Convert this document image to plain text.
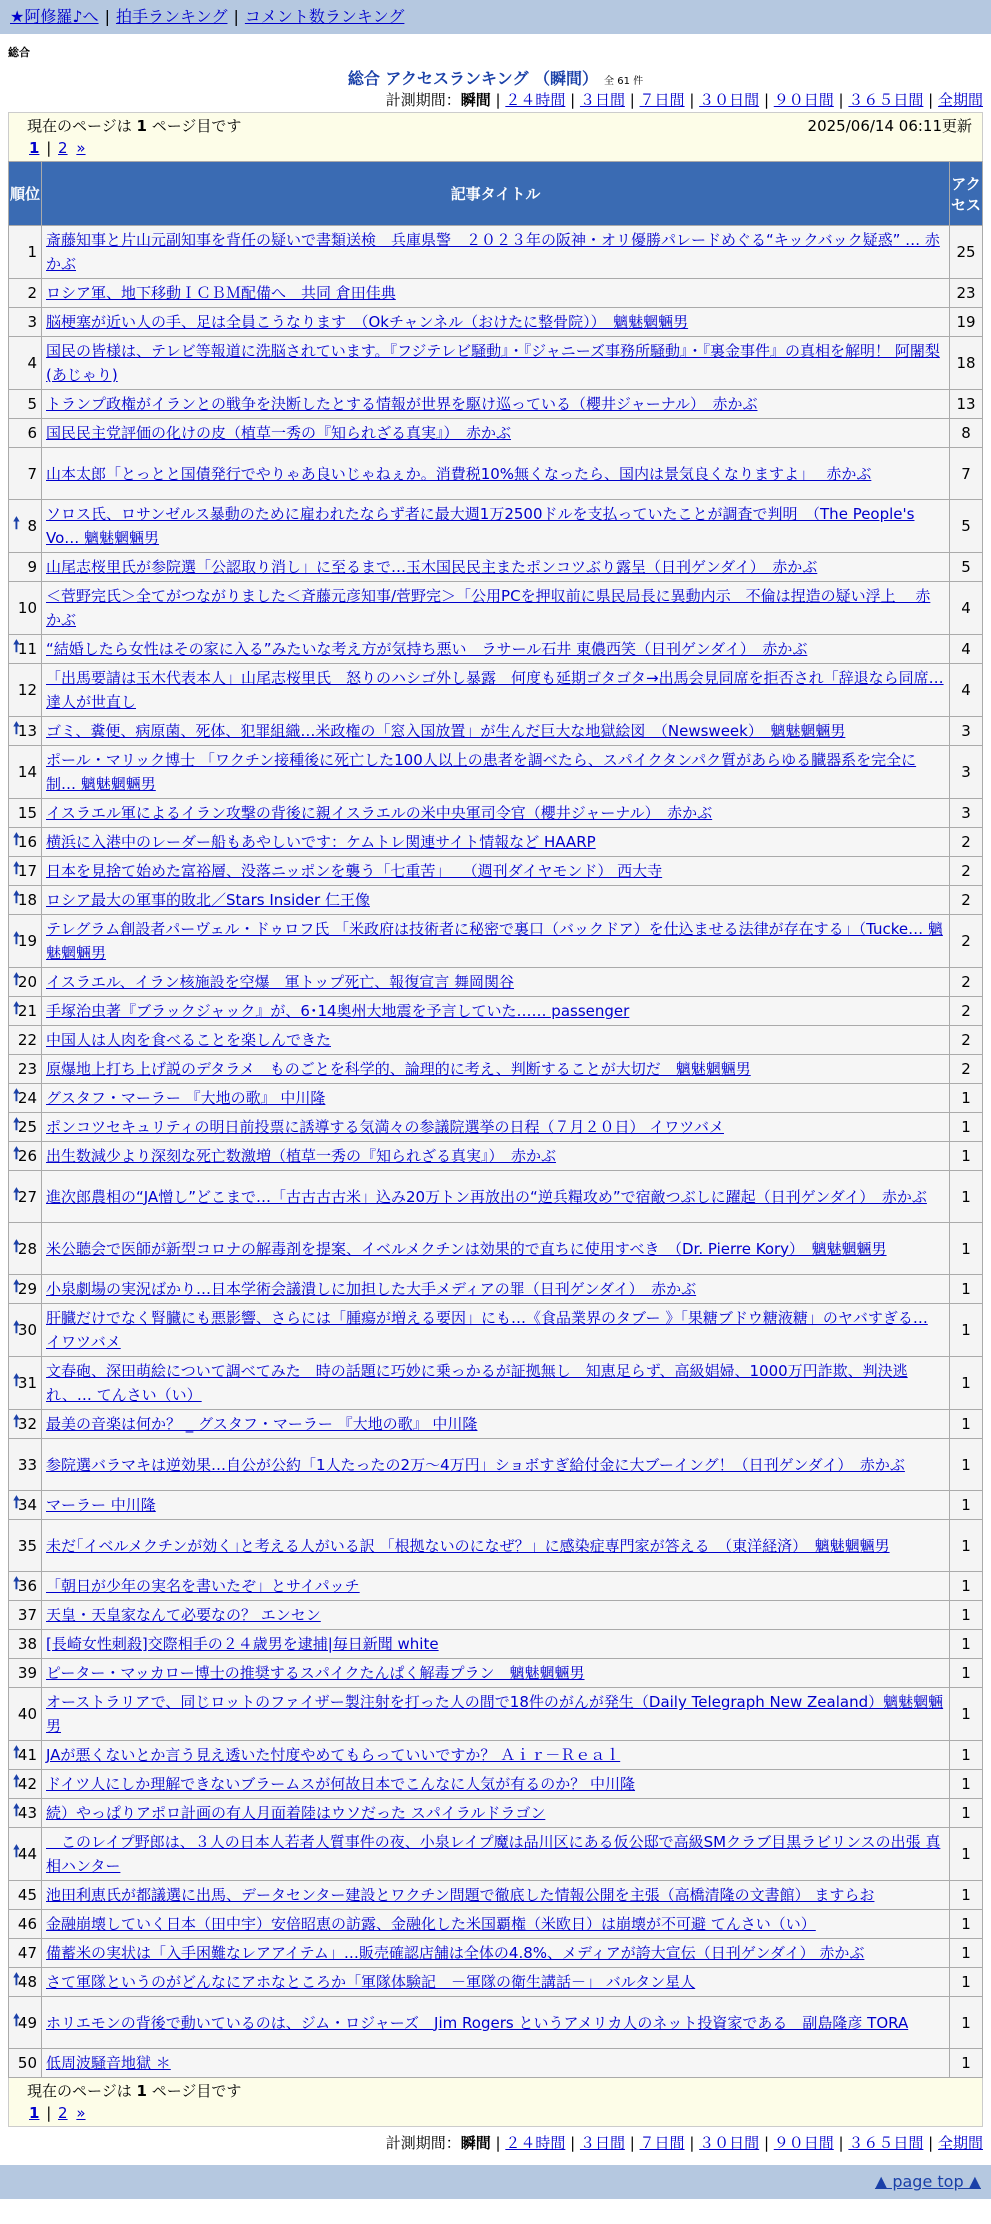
★阿修羅♪へ | 拍手ランキング | コメント数ランキング
総合
総合 アクセスランキング （瞬間） 全 61 件
計測期間：瞬間 | ２４時間 | ３日間 | ７日間 | ３０日間 | ９０日間 | ３６５日間 | 全期間
現在のページは 1 ページ目です	2025/06/14 06:11更新
1 | 2 »
順位	記事タイトル	アクセス
1	斎藤知事と片山元副知事を背任の疑いで書類送検　兵庫県警　２０２３年の阪神・オリ優勝パレードめぐる“キックバック疑惑” … 赤かぶ	25
2	ロシア軍、地下移動ＩＣＢＭ配備へ　共同 倉田佳典	23
3	脳梗塞が近い人の手、足は全員こうなります　（Okチャンネル（おけたに整骨院））　魑魅魍魎男	19
4	国民の皆様は、テレビ等報道に洗脳されています。『フジテレビ騒動』・『ジャニーズ事務所騒動』・『裏金事件』の真相を解明！ 阿闍梨(あじゃり)	18
5	トランプ政権がイランとの戦争を決断したとする情報が世界を駆け巡っている（櫻井ジャーナル）　赤かぶ	13
6	国民民主党評価の化けの皮（植草一秀の『知られざる真実』）　赤かぶ	8
7	山本太郎「とっとと国債発行でやりゃあ良いじゃねぇか。消費税10%無くなったら、国内は景気良くなりますよ」　 赤かぶ	7

🠕 8	ソロス氏、ロサンゼルス暴動のために雇われたならず者に最大週1万2500ドルを支払っていたことが調査で判明　（The People's Vo… 魑魅魍魎男	5
9	山尾志桜里氏が参院選「公認取り消し」に至るまで…玉木国民民主またポンコツぶり露呈（日刊ゲンダイ）　赤かぶ	5
10	＜菅野完氏＞全てがつながりました＜斉藤元彦知事/菅野完＞「公用PCを押収前に県民局長に異動内示　不倫は捏造の疑い浮上　 赤かぶ	4

🠕
11	“結婚したら女性はその家に入る”みたいな考え方が気持ち悪い　ラサール石井 東儂西笑（日刊ゲンダイ）　赤かぶ	4
12	「出馬要請は玉木代表本人」山尾志桜里氏　怒りのハシゴ外し暴露　何度も延期ゴタゴタ→出馬会見同席を拒否され「辞退なら同席… 達人が世直し	4

🠕
13	ゴミ、糞便、病原菌、死体、犯罪組織…米政権の「窓入国放置」が生んだ巨大な地獄絵図　（Newsweek）　魑魅魍魎男	3
14	ポール・マリック博士 「ワクチン接種後に死亡した100人以上の患者を調べたら、スパイクタンパク質があらゆる臓器系を完全に制… 魑魅魍魎男	3
15	イスラエル軍によるイラン攻撃の背後に親イスラエルの米中央軍司令官（櫻井ジャーナル）　赤かぶ	3

🠕
16	横浜に入港中のレーダー船もあやしいです：ケムトレ関連サイト情報など HAARP	2

🠕
17	日本を見捨て始めた富裕層、没落ニッポンを襲う「七重苦」　 （週刊ダイヤモンド） 西大寺	2

🠕
18	ロシア最大の軍事的敗北／Stars Insider 仁王像	2

🠕
19	テレグラム創設者パーヴェル・ドゥロフ氏 「米政府は技術者に秘密で裏口（バックドア）を仕込ませる法律が存在する」（Tucke… 魑魅魍魎男	2

🠕
20	イスラエル、イラン核施設を空爆　軍トップ死亡、報復宣言 舞岡関谷	2

🠕
21	手塚治虫著『ブラックジャック』が、6･14奥州大地震を予言していた…… passenger	2
22	中国人は人肉を食べることを楽しんできた	2
23	原爆地上打ち上げ説のデタラメ　ものごとを科学的、論理的に考え、判断することが大切だ　魑魅魍魎男	2

🠕
24	グスタフ・マーラー 『大地の歌』 中川隆	1

🠕
25	ポンコツセキュリティの明日前投票に誘導する気満々の参議院選挙の日程（７月２０日） イワツバメ	1

🠕
26	出生数減少より深刻な死亡数激増（植草一秀の『知られざる真実』）　赤かぶ	1

🠕
27	進次郎農相の“JA憎し”どこまで…「古古古古米」込み20万トン再放出の“逆兵糧攻め”で宿敵つぶしに躍起（日刊ゲンダイ）　赤かぶ	1

🠕
28	米公聴会で医師が新型コロナの解毒剤を提案、イベルメクチンは効果的で直ちに使用すべき　（Dr. Pierre Kory）　魑魅魍魎男	1

🠕
29	小泉劇場の実況ばかり…日本学術会議潰しに加担した大手メディアの罪（日刊ゲンダイ）　赤かぶ	1

🠕
30	肝臓だけでなく腎臓にも悪影響、さらには「腫瘍が増える要因」にも…《食品業界のタブー 》「果糖ブドウ糖液糖」のヤバすぎる… イワツバメ	1

🠕
31	文春砲、深田萌絵について調べてみた　時の話題に巧妙に乗っかるが証拠無し　知恵足らず、高級娼婦、1000万円詐欺、判決逃れ、… てんさい（い）	1

🠕
32	最美の音楽は何か？ _ グスタフ・マーラー 『大地の歌』 中川隆	1
33	参院選バラマキは逆効果…自公が公約「1人たったの2万～4万円」ショボすぎ給付金に大ブーイング！（日刊ゲンダイ）　赤かぶ	1

🠕
34	マーラー 中川隆	1
35	未だ｢イベルメクチンが効く｣と考える人がいる訳 「根拠ないのになぜ？」に感染症専門家が答える　（東洋経済）　魑魅魍魎男	1

🠕
36	「朝日が少年の実名を書いたぞ」とサイパッチ	1
37	天皇・天皇家なんて必要なの？ エンセン	1
38	[長崎女性刺殺]交際相手の２４歳男を逮捕|毎日新聞 white	1
39	ピーター・マッカロー博士の推奨するスパイクたんぱく解毒プラン　魑魅魍魎男	1
40	オーストラリアで、同じロットのファイザー製注射を打った人の間で18件のがんが発生（Daily Telegraph New Zealand）魑魅魍魎男	1

🠕
41	JAが悪くないとか言う見え透いた忖度やめてもらっていいですか？ Ａｉｒ－Ｒｅａｌ	1

🠕
42	ドイツ人にしか理解できないブラームスが何故日本でこんなに人気が有るのか？ 中川隆	1

🠕
43	続）やっぱりアポロ計画の有人月面着陸はウソだった スパイラルドラゴン	1

🠕
44	　このレイプ野郎は、３人の日本人若者人質事件の夜、小泉レイプ魔は品川区にある仮公邸で高級SMクラブ目黒ラビリンスの出張 真相ハンター	1
45	池田利恵氏が都議選に出馬、データセンター建設とワクチン問題で徹底した情報公開を主張（高橋清隆の文書館） ますらお	1
46	金融崩壊していく日本（田中宇）安倍昭恵の訪露、金融化した米国覇権（米欧日）は崩壊が不可避 てんさい（い）	1
47	備蓄米の実状は「入手困難なレアアイテム」…販売確認店舗は全体の4.8%、メディアが誇大宣伝（日刊ゲンダイ） 赤かぶ	1

🠕
48	さて軍隊というのがどんなにアホなところか「軍隊体験記　－軍隊の衛生講話－」 バルタン星人	1

🠕
49	ホリエモンの背後で動いているのは、ジム・ロジャーズ　Jim Rogers というアメリカ人のネット投資家である　副島隆彦 TORA	1
50	低周波騒音地獄 ＊	1
現在のページは 1 ページ目です
1 | 2 »
計測期間：瞬間 | ２４時間 | ３日間 | ７日間 | ３０日間 | ９０日間 | ３６５日間 | 全期間
▲ page top ▲
